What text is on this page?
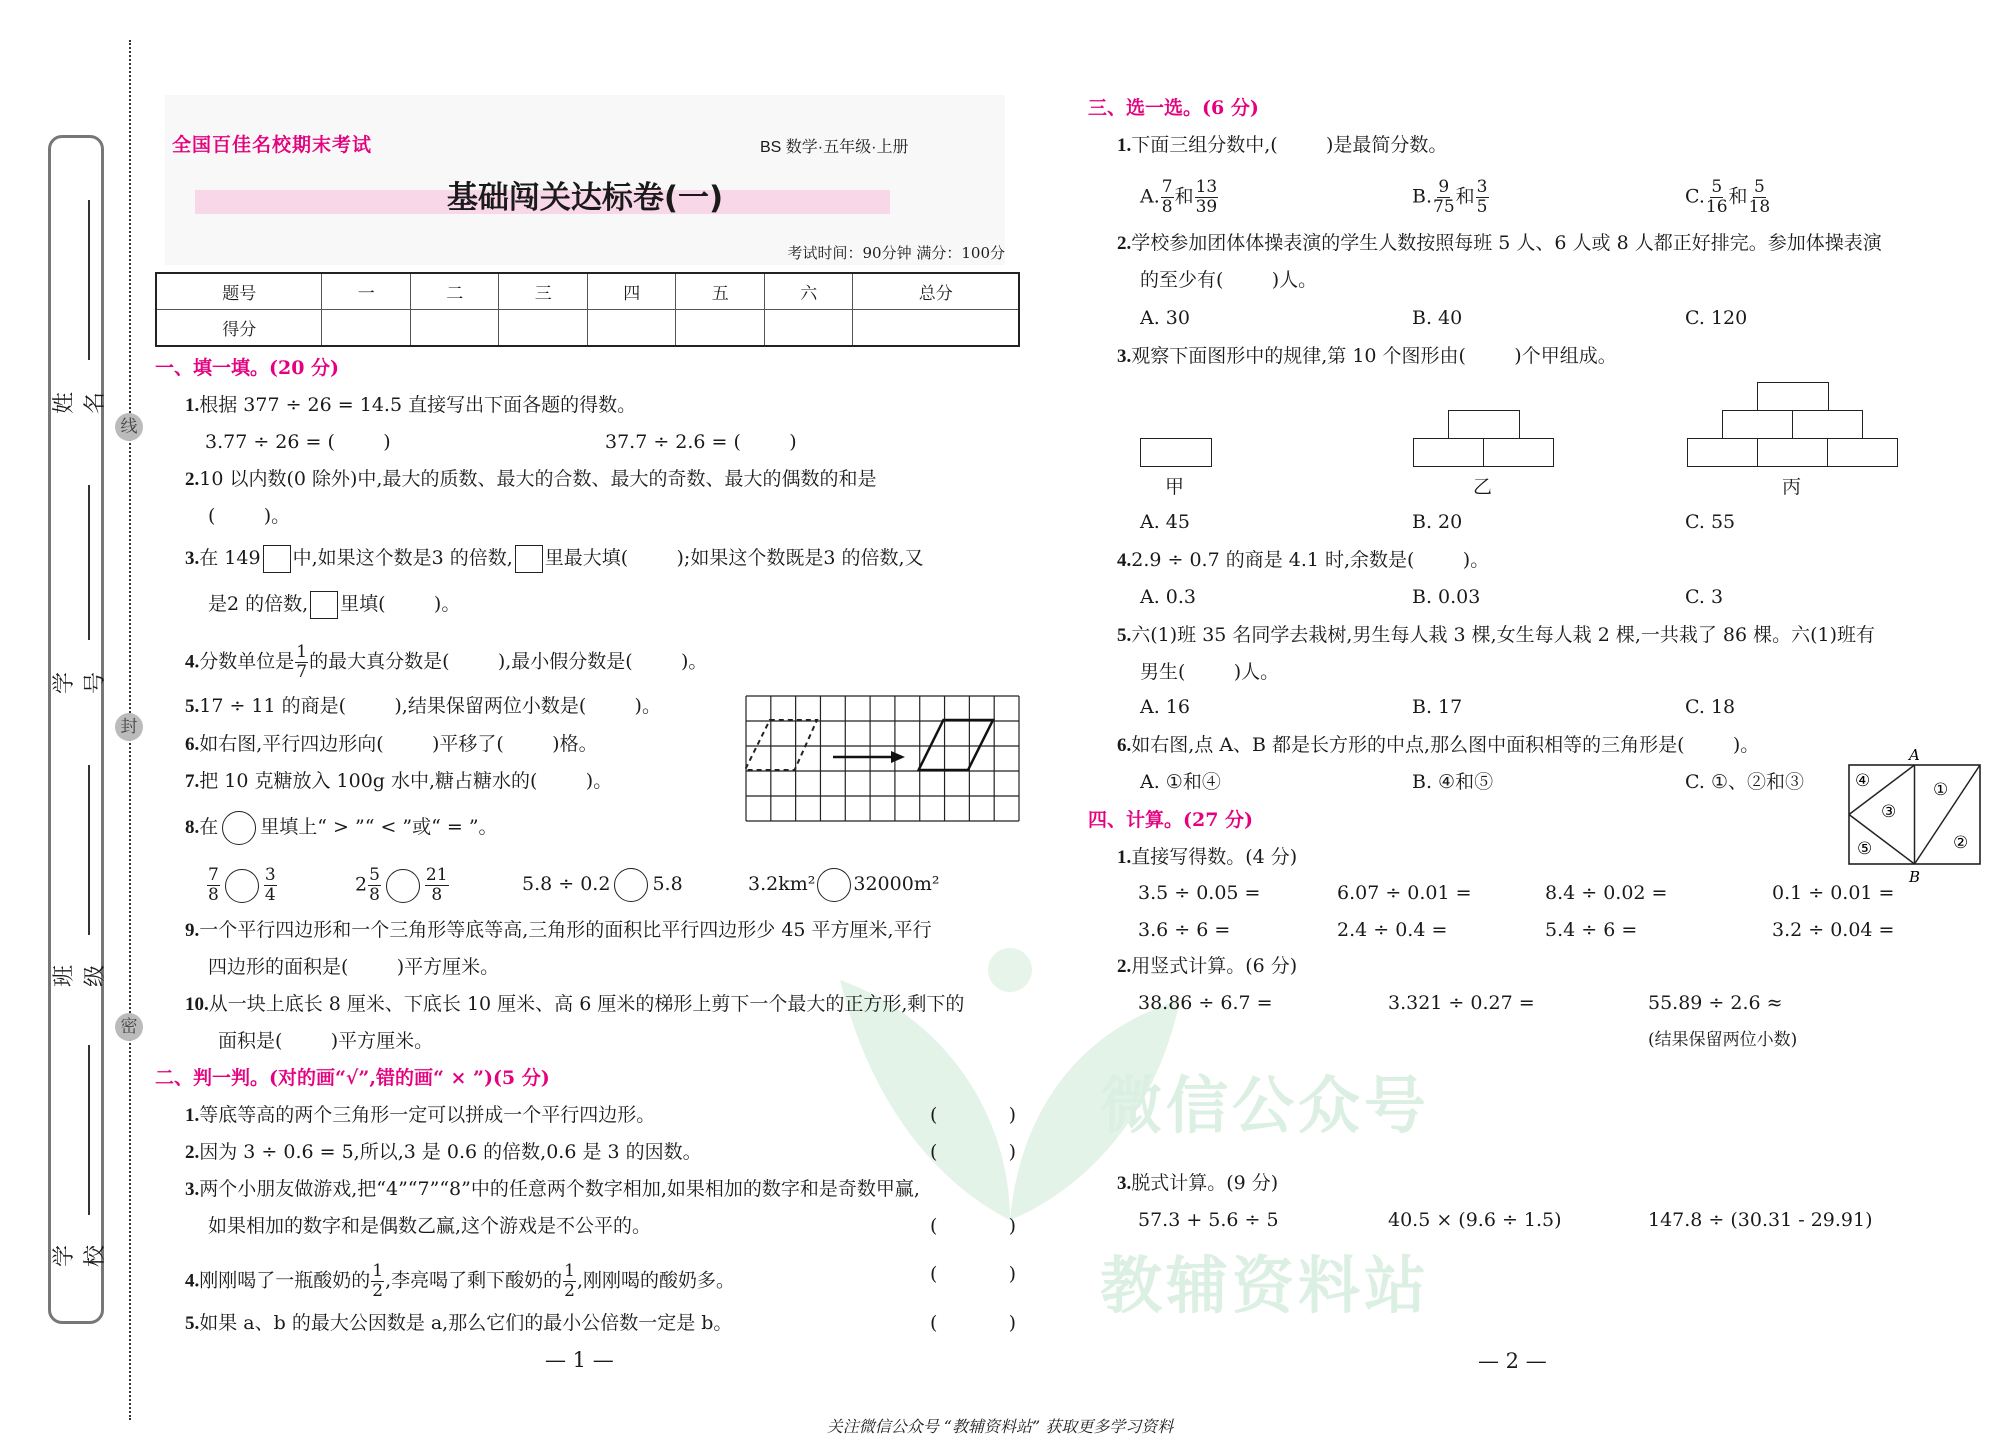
微信公众号
教辅资料站
姓名
学号
班级
学校
线
封
密
全国百佳名校期末考试	BS 数学·五年级·上册
基础闯关达标卷(一)
考试时间：90分钟 满分：100分
题号	一	二	三	四	五	六	总分
得分							
一、填一填。(20 分)
1.根据 377 ÷ 26 = 14.5 直接写出下面各题的得数。
3.77 ÷ 26 = (        )	37.7 ÷ 2.6 = (        )
2.10 以内数(0 除外)中,最大的质数、最大的合数、最大的奇数、最大的偶数的和是
(        )。
3.在 149 中,如果这个数是3 的倍数, 里最大填(        );如果这个数既是3 的倍数,又
是2 的倍数, 里填(        )。
4.分数单位是 $\frac{1}{7}$ 的最大真分数是(        ),最小假分数是(        )。
5.17 ÷ 11 的商是(        ),结果保留两位小数是(        )。
6.如右图,平行四边形向(        )平移了(        )格。
7.把 10 克糖放入 100g 水中,糖占糖水的(        )。
8.在 里填上“ > ”“ < ”或“ = ”。
$\frac{7}{8}$	$\frac{3}{4}$	$2 \frac{5}{8}$	$\frac{21}{8}$	5.8 ÷ 0.2 5.8	3.2km² 32000m²
9.一个平行四边形和一个三角形等底等高,三角形的面积比平行四边形少 45 平方厘米,平行
四边形的面积是(        )平方厘米。
10.从一块上底长 8 厘米、下底长 10 厘米、高 6 厘米的梯形上剪下一个最大的正方形,剩下的
面积是(        )平方厘米。
二、判一判。(对的画“√”,错的画“ × ”)(5 分)
1.等底等高的两个三角形一定可以拼成一个平行四边形。	(	)
2.因为 3 ÷ 0.6 = 5,所以,3 是 0.6 的倍数,0.6 是 3 的因数。	(	)
3.两个小朋友做游戏,把“4”“7”“8”中的任意两个数字相加,如果相加的数字和是奇数甲赢,
如果相加的数字和是偶数乙赢,这个游戏是不公平的。	(	)
4.刚刚喝了一瓶酸奶的 $\frac{1}{2}$ ,李亮喝了剩下酸奶的 $\frac{1}{2}$ ,刚刚喝的酸奶多。	(	)
5.如果 a、b 的最大公因数是 a,那么它们的最小公倍数一定是 b。	(	)
— 1 —
三、选一选。(6 分)
1.下面三组分数中,(        )是最简分数。
A. $\frac{7}{8}$ 和 $\frac{13}{39}$	B. $\frac{9}{75}$ 和 $\frac{3}{5}$	C. $\frac{5}{16}$ 和 $\frac{5}{18}$
2.学校参加团体体操表演的学生人数按照每班 5 人、6 人或 8 人都正好排完。参加体操表演
的至少有(        )人。
A. 30	B. 40	C. 120
3.观察下面图形中的规律,第 10 个图形由(        )个甲组成。
甲	乙	丙
A. 45	B. 20	C. 55
4.2.9 ÷ 0.7 的商是 4.1 时,余数是(        )。
A. 0.3	B. 0.03	C. 3
5.六(1)班 35 名同学去栽树,男生每人栽 3 棵,女生每人栽 2 棵,一共栽了 86 棵。六(1)班有
男生(        )人。
A. 16	B. 17	C. 18
6.如右图,点 A、B 都是长方形的中点,那么图中面积相等的三角形是(        )。
A. ①和④	B. ④和⑤	C. ①、②和③
A
B
①
②
③
④
⑤
四、计算。(27 分)
1.直接写得数。(4 分)
3.5 ÷ 0.05 =	6.07 ÷ 0.01 =	8.4 ÷ 0.02 =	0.1 ÷ 0.01 =
3.6 ÷ 6 =	2.4 ÷ 0.4 =	5.4 ÷ 6 =	3.2 ÷ 0.04 =
2.用竖式计算。(6 分)
38.86 ÷ 6.7 =	3.321 ÷ 0.27 =	55.89 ÷ 2.6 ≈
(结果保留两位小数)
3.脱式计算。(9 分)
57.3 + 5.6 ÷ 5	40.5 × (9.6 ÷ 1.5)	147.8 ÷ (30.31 - 29.91)
— 2 —
关注微信公众号 “教辅资料站” 获取更多学习资料
